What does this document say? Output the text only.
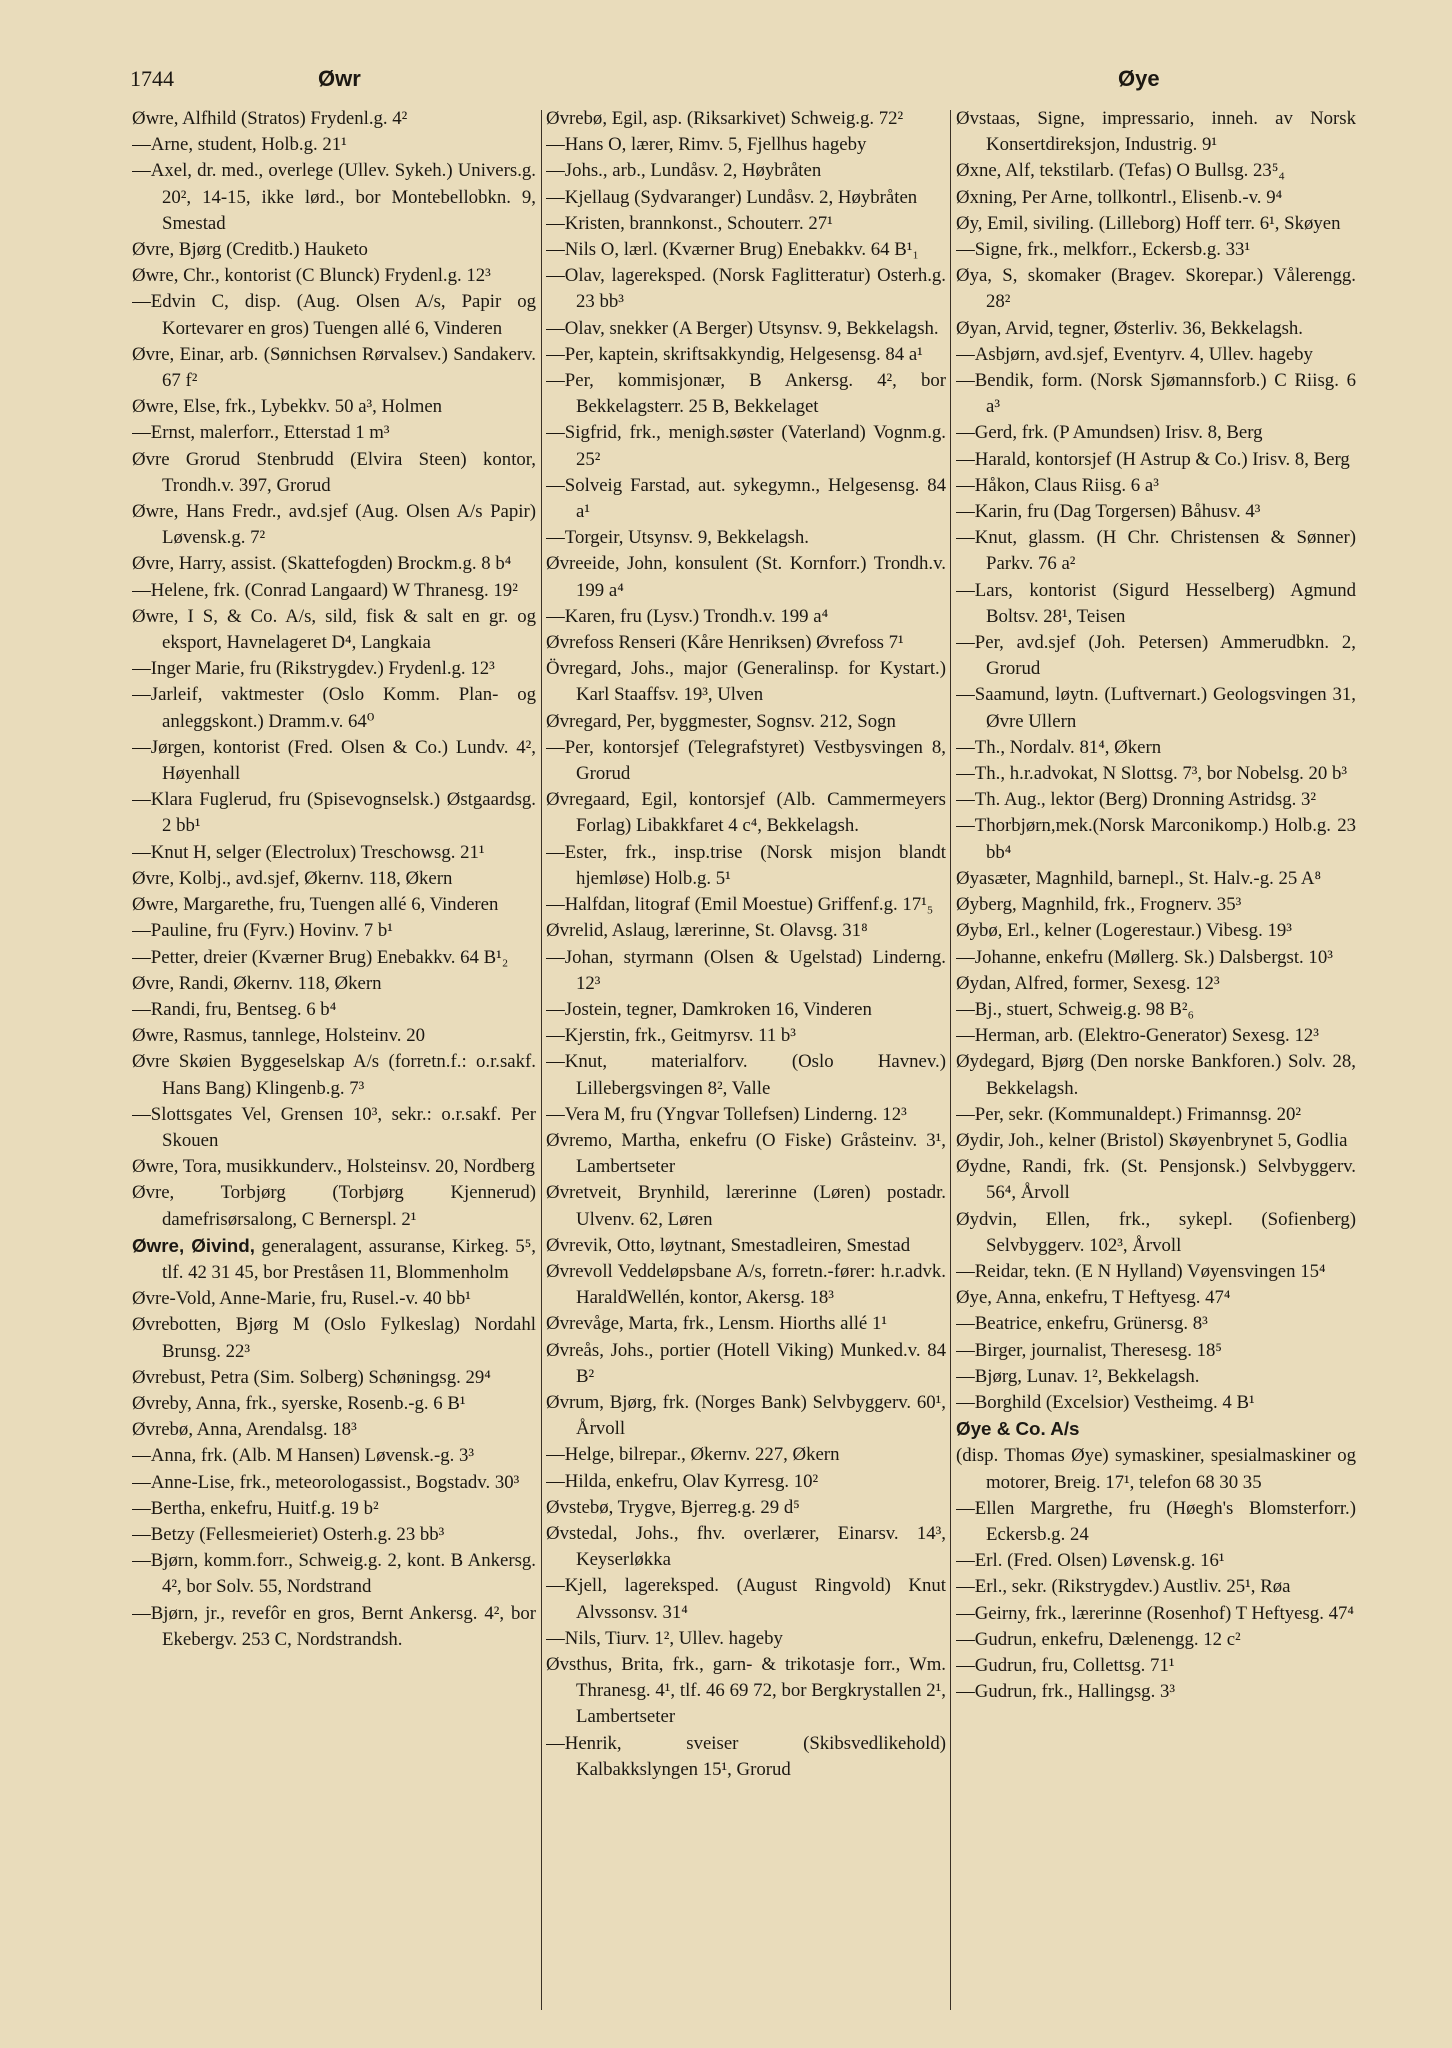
1744	Øwr	Øye

Øwre, Alfhild (Stratos) Frydenl.g. 4²

—Arne, student, Holb.g. 21¹

—Axel, dr. med., overlege (Ullev. Sykeh.) Univers.g. 20², 14-15, ikke lørd., bor Montebellobkn. 9, Smestad

Øvre, Bjørg (Creditb.) Hauketo

Øwre, Chr., kontorist (C Blunck) Frydenl.g. 12³

—Edvin C, disp. (Aug. Olsen A/s, Papir og Kortevarer en gros) Tuengen allé 6, Vinderen

Øvre, Einar, arb. (Sønnichsen Rørvalsev.) Sandakerv. 67 f²

Øwre, Else, frk., Lybekkv. 50 a³, Holmen

—Ernst, malerforr., Etterstad 1 m³

Øvre Grorud Stenbrudd (Elvira Steen) kontor, Trondh.v. 397, Grorud

Øwre, Hans Fredr., avd.sjef (Aug. Olsen A/s Papir) Løvensk.g. 7²

Øvre, Harry, assist. (Skattefogden) Brockm.g. 8 b⁴

—Helene, frk. (Conrad Langaard) W Thranesg. 19²

Øwre, I S, & Co. A/s, sild, fisk & salt en gr. og eksport, Havnelageret D⁴, Langkaia

—Inger Marie, fru (Rikstrygdev.) Frydenl.g. 12³

—Jarleif, vaktmester (Oslo Komm. Plan- og anleggskont.) Dramm.v. 64⁰

—Jørgen, kontorist (Fred. Olsen & Co.) Lundv. 4², Høyenhall

—Klara Fuglerud, fru (Spisevognselsk.) Østgaardsg. 2 bb¹

—Knut H, selger (Electrolux) Treschowsg. 21¹

Øvre, Kolbj., avd.sjef, Økernv. 118, Økern

Øwre, Margarethe, fru, Tuengen allé 6, Vinderen

—Pauline, fru (Fyrv.) Hovinv. 7 b¹

—Petter, dreier (Kværner Brug) Enebakkv. 64 B¹₂

Øvre, Randi, Økernv. 118, Økern

—Randi, fru, Bentseg. 6 b⁴

Øwre, Rasmus, tannlege, Holsteinv. 20

Øvre Skøien Byggeselskap A/s (forretn.f.: o.r.sakf. Hans Bang) Klingenb.g. 7³

—Slottsgates Vel, Grensen 10³, sekr.: o.r.sakf. Per Skouen

Øwre, Tora, musikkunderv., Holsteinsv. 20, Nordberg

Øvre, Torbjørg (Torbjørg Kjennerud) damefrisørsalong, C Bernerspl. 2¹

Øwre, Øivind, generalagent, assuranse, Kirkeg. 5⁵, tlf. 42 31 45, bor Preståsen 11, Blommenholm

Øvre-Vold, Anne-Marie, fru, Rusel.-v. 40 bb¹

Øvrebotten, Bjørg M (Oslo Fylkeslag) Nordahl Brunsg. 22³

Øvrebust, Petra (Sim. Solberg) Schøningsg. 29⁴

Øvreby, Anna, frk., syerske, Rosenb.-g. 6 B¹

Øvrebø, Anna, Arendalsg. 18³

—Anna, frk. (Alb. M Hansen) Løvensk.-g. 3³

—Anne-Lise, frk., meteorologassist., Bogstadv. 30³

—Bertha, enkefru, Huitf.g. 19 b²

—Betzy (Fellesmeieriet) Osterh.g. 23 bb³

—Bjørn, komm.forr., Schweig.g. 2, kont. B Ankersg. 4², bor Solv. 55, Nordstrand

—Bjørn, jr., revefôr en gros, Bernt Ankersg. 4², bor Ekebergv. 253 C, Nordstrandsh.

Øvrebø, Egil, asp. (Riksarkivet) Schweig.g. 72²

—Hans O, lærer, Rimv. 5, Fjellhus hageby

—Johs., arb., Lundåsv. 2, Høybråten

—Kjellaug (Sydvaranger) Lundåsv. 2, Høybråten

—Kristen, brannkonst., Schouterr. 27¹

—Nils O, lærl. (Kværner Brug) Enebakkv. 64 B¹₁

—Olav, lagereksped. (Norsk Faglitteratur) Osterh.g. 23 bb³

—Olav, snekker (A Berger) Utsynsv. 9, Bekkelagsh.

—Per, kaptein, skriftsakkyndig, Helgesensg. 84 a¹

—Per, kommisjonær, B Ankersg. 4², bor Bekkelagsterr. 25 B, Bekkelaget

—Sigfrid, frk., menigh.søster (Vaterland) Vognm.g. 25²

—Solveig Farstad, aut. sykegymn., Helgesensg. 84 a¹

—Torgeir, Utsynsv. 9, Bekkelagsh.

Øvreeide, John, konsulent (St. Kornforr.) Trondh.v. 199 a⁴

—Karen, fru (Lysv.) Trondh.v. 199 a⁴

Øvrefoss Renseri (Kåre Henriksen) Øvrefoss 7¹

Övregard, Johs., major (Generalinsp. for Kystart.) Karl Staaffsv. 19³, Ulven

Øvregard, Per, byggmester, Sognsv. 212, Sogn

—Per, kontorsjef (Telegrafstyret) Vestbysvingen 8, Grorud

Øvregaard, Egil, kontorsjef (Alb. Cammermeyers Forlag) Libakkfaret 4 c⁴, Bekkelagsh.

—Ester, frk., insp.trise (Norsk misjon blandt hjemløse) Holb.g. 5¹

—Halfdan, litograf (Emil Moestue) Griffenf.g. 17¹₅

Øvrelid, Aslaug, lærerinne, St. Olavsg. 31⁸

—Johan, styrmann (Olsen & Ugelstad) Linderng. 12³

—Jostein, tegner, Damkroken 16, Vinderen

—Kjerstin, frk., Geitmyrsv. 11 b³

—Knut, materialforv. (Oslo Havnev.) Lillebergsvingen 8², Valle

—Vera M, fru (Yngvar Tollefsen) Linderng. 12³

Øvremo, Martha, enkefru (O Fiske) Gråsteinv. 3¹, Lambertseter

Øvretveit, Brynhild, lærerinne (Løren) postadr. Ulvenv. 62, Løren

Øvrevik, Otto, løytnant, Smestadleiren, Smestad

Øvrevoll Veddeløpsbane A/s, forretn.-fører: h.r.advk. HaraldWellén, kontor, Akersg. 18³

Øvrevåge, Marta, frk., Lensm. Hiorths allé 1¹

Øvreås, Johs., portier (Hotell Viking) Munked.v. 84 B²

Øvrum, Bjørg, frk. (Norges Bank) Selvbyggerv. 60¹, Årvoll

—Helge, bilrepar., Økernv. 227, Økern

—Hilda, enkefru, Olav Kyrresg. 10²

Øvstebø, Trygve, Bjerreg.g. 29 d⁵

Øvstedal, Johs., fhv. overlærer, Einarsv. 14³, Keyserløkka

—Kjell, lagereksped. (August Ringvold) Knut Alvssonsv. 31⁴

—Nils, Tiurv. 1², Ullev. hageby

Øvsthus, Brita, frk., garn- & trikotasje forr., Wm. Thranesg. 4¹, tlf. 46 69 72, bor Bergkrystallen 2¹, Lambertseter

—Henrik, sveiser (Skibsvedlikehold) Kalbakkslyngen 15¹, Grorud

Øvstaas, Signe, impressario, inneh. av Norsk Konsertdireksjon, Industrig. 9¹

Øxne, Alf, tekstilarb. (Tefas) O Bullsg. 23⁵₄

Øxning, Per Arne, tollkontrl., Elisenb.-v. 9⁴

Øy, Emil, siviling. (Lilleborg) Hoff terr. 6¹, Skøyen

—Signe, frk., melkforr., Eckersb.g. 33¹

Øya, S, skomaker (Bragev. Skorepar.) Vålerengg. 28²

Øyan, Arvid, tegner, Østerliv. 36, Bekkelagsh.

—Asbjørn, avd.sjef, Eventyrv. 4, Ullev. hageby

—Bendik, form. (Norsk Sjømannsforb.) C Riisg. 6 a³

—Gerd, frk. (P Amundsen) Irisv. 8, Berg

—Harald, kontorsjef (H Astrup & Co.) Irisv. 8, Berg

—Håkon, Claus Riisg. 6 a³

—Karin, fru (Dag Torgersen) Båhusv. 4³

—Knut, glassm. (H Chr. Christensen & Sønner) Parkv. 76 a²

—Lars, kontorist (Sigurd Hesselberg) Agmund Boltsv. 28¹, Teisen

—Per, avd.sjef (Joh. Petersen) Ammerudbkn. 2, Grorud

—Saamund, løytn. (Luftvernart.) Geologsvingen 31, Øvre Ullern

—Th., Nordalv. 81⁴, Økern

—Th., h.r.advokat, N Slottsg. 7³, bor Nobelsg. 20 b³

—Th. Aug., lektor (Berg) Dronning Astridsg. 3²

—Thorbjørn,mek.(Norsk Marconikomp.) Holb.g. 23 bb⁴

Øyasæter, Magnhild, barnepl., St. Halv.-g. 25 A⁸

Øyberg, Magnhild, frk., Frognerv. 35³

Øybø, Erl., kelner (Logerestaur.) Vibesg. 19³

—Johanne, enkefru (Møllerg. Sk.) Dalsbergst. 10³

Øydan, Alfred, former, Sexesg. 12³

—Bj., stuert, Schweig.g. 98 B²₆

—Herman, arb. (Elektro-Generator) Sexesg. 12³

Øydegard, Bjørg (Den norske Bankforen.) Solv. 28, Bekkelagsh.

—Per, sekr. (Kommunaldept.) Frimannsg. 20²

Øydir, Joh., kelner (Bristol) Skøyenbrynet 5, Godlia

Øydne, Randi, frk. (St. Pensjonsk.) Selvbyggerv. 56⁴, Årvoll

Øydvin, Ellen, frk., sykepl. (Sofienberg) Selvbyggerv. 102³, Årvoll

—Reidar, tekn. (E N Hylland) Vøyensvingen 15⁴

Øye, Anna, enkefru, T Heftyesg. 47⁴

—Beatrice, enkefru, Grünersg. 8³

—Birger, journalist, Theresesg. 18⁵

—Bjørg, Lunav. 1², Bekkelagsh.

—Borghild (Excelsior) Vestheimg. 4 B¹

Øye & Co. A/s

(disp. Thomas Øye) symaskiner, spesialmaskiner og motorer, Breig. 17¹, telefon 68 30 35

—Ellen Margrethe, fru (Høegh's Blomsterforr.) Eckersb.g. 24

—Erl. (Fred. Olsen) Løvensk.g. 16¹

—Erl., sekr. (Rikstrygdev.) Austliv. 25¹, Røa

—Geirny, frk., lærerinne (Rosenhof) T Heftyesg. 47⁴

—Gudrun, enkefru, Dælenengg. 12 c²

—Gudrun, fru, Collettsg. 71¹

—Gudrun, frk., Hallingsg. 3³
